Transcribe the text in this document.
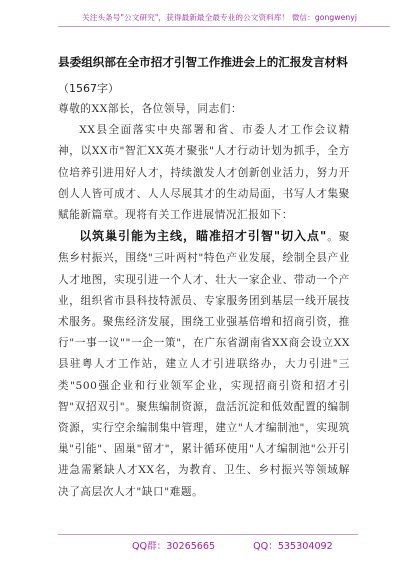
关注头条号"公文研究"，获得最新最全最专业的公文资料库！ 微信：gongwenyj
县委组织部在全市招才引智工作推进会上的汇报发言材料
（1567字）

尊敬的XX部长，各位领导，同志们：

XX县全面落实中央部署和省、市委人才工作会议精神，以XX市"智汇XX英才聚张"人才行动计划为抓手，全方位培养引进用好人才，持续激发人才创新创业活力，努力开创人人皆可成才、人人尽展其才的生动局面，书写人才集聚赋能新篇章。现将有关工作进展情况汇报如下：

以筑巢引能为主线，瞄准招才引智"切入点"。聚焦乡村振兴，围绕"三叶两村"特色产业发展，绘制全县产业人才地图，实现引进一个人才、壮大一家企业、带动一个产业，组织省市县科技特派员、专家服务团到基层一线开展技术服务。聚焦经济发展，围绕工业强基倍增和招商引资，推行"一事一议""一企一策"，在广东省湖南省XX商会设立XX县驻粤人才工作站，建立人才引进联络办，大力引进"三类"500强企业和行业领军企业，实现招商引资和招才引智"双招双引"。聚焦编制资源，盘活沉淀和低效配置的编制资源，实行空余编制集中管理，建立"人才编制池"，实现筑巢"引能"、固巢"留才"，累计循环使用"人才编制池"公开引进急需紧缺人才XX名，为教育、卫生、乡村振兴等领域解决了高层次人才"缺口"难题。

QQ群：30265665	QQ：535304092
